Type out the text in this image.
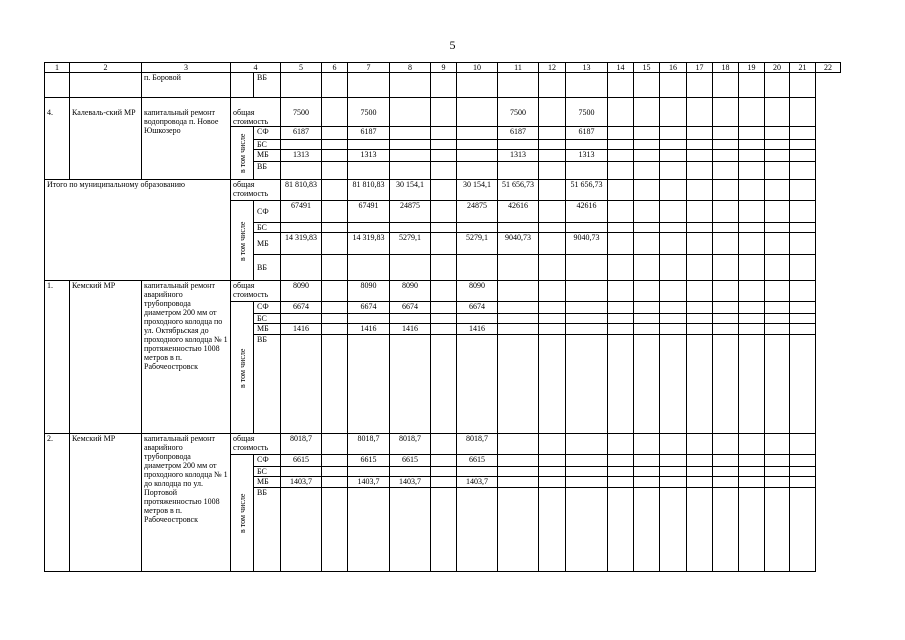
5
1	2	3	4		5	6	7	8	9	10	11	12	13	14	15	16	17	18	19	20	21	22
		п. Боровой		ВБ																		
4.	Калеваль-ский МР	капитальный ремонт водопровода п. Новое Юшкозеро	общая стоимость		7500		7500				7500		7500									
			в том числе	СФ	6187		6187				6187		6187									
				БС																		
				МБ	1313		1313				1313		1313									
				ВБ																		
Итого по муниципальному образованию			общая стоимость		81 810,83		81 810,83	30 154,1		30 154,1	51 656,73		51 656,73									
			в том числе	СФ	67491		67491	24875		24875	42616		42616									
				БС																		
				МБ	14 319,83		14 319,83	5279,1		5279,1	9040,73		9040,73									
				ВБ																		
1.	Кемский МР	капитальный ремонт аварийного трубопровода диаметром 200 мм от проходного колодца по ул. Октябрьская до проходного колодца № 1 протяженностью 1008 метров в п. Рабочеостровск	общая стоимость		8090		8090	8090		8090												
			в том числе	СФ	6674		6674	6674		6674												
				БС																		
				МБ	1416		1416	1416		1416												
				ВБ																		
2.	Кемский МР	капитальный ремонт аварийного трубопровода диаметром 200 мм от проходного колодца № 1 до колодца по ул. Портовой протяженностью 1008 метров в п. Рабочеостровск	общая стоимость		8018,7		8018,7	8018,7		8018,7												
			в том числе	СФ	6615		6615	6615		6615												
				БС																		
				МБ	1403,7		1403,7	1403,7		1403,7												
				ВБ																		
